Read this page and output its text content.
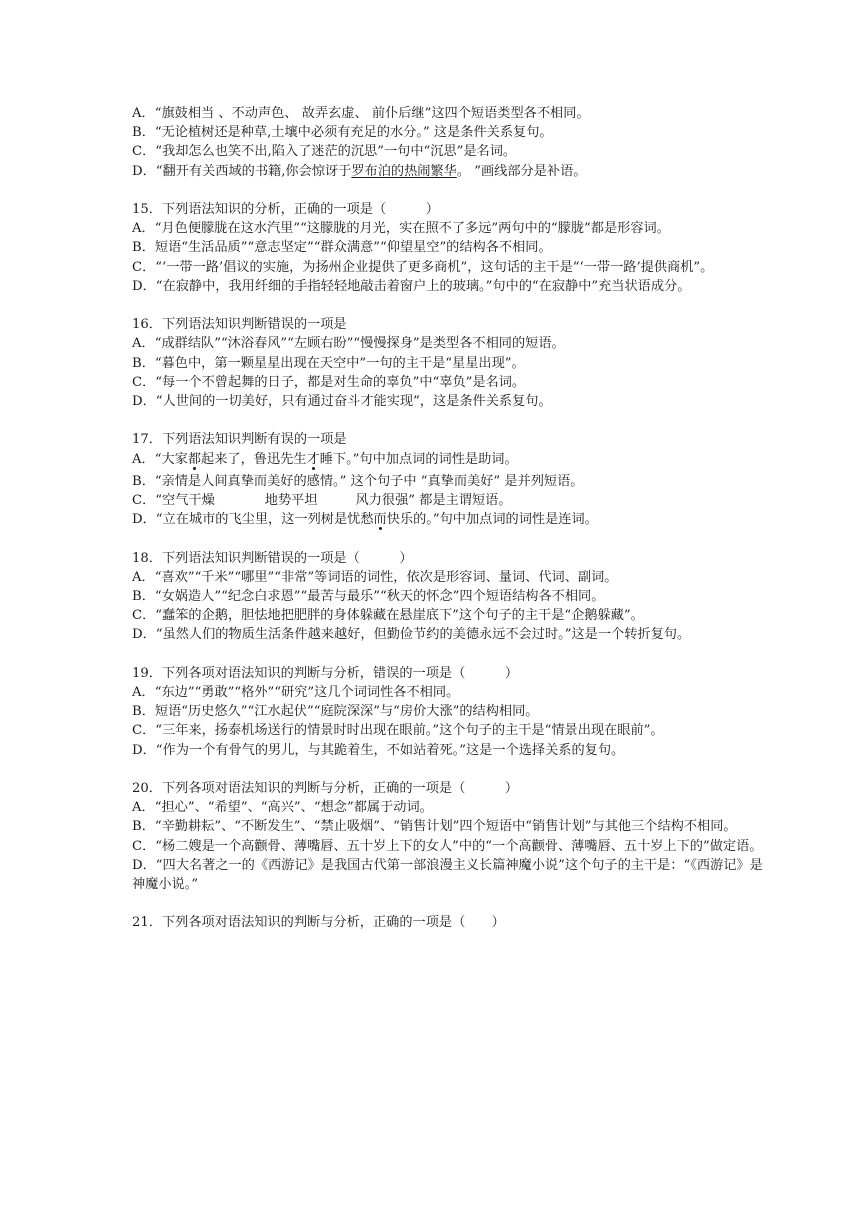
A．“旗鼓相当 、不动声色、 故弄玄虚、 前仆后继”这四个短语类型各不相同。
B．“无论植树还是种草,土壤中必须有充足的水分。” 这是条件关系复句。
C．“我却怎么也笑不出,陷入了迷茫的沉思”一句中“沉思”是名词。
D．“翻开有关西域的书籍,你会惊讶于罗布泊的热闹繁华。 ”画线部分是补语。
15．下列语法知识的分析，正确的一项是（　　　）
A．“月色便朦胧在这水汽里”“这朦胧的月光，实在照不了多远”两句中的“朦胧”都是形容词。
B．短语“生活品质”“意志坚定”“群众满意”“仰望星空”的结构各不相同。
C．“‘一带一路’倡议的实施，为扬州企业提供了更多商机”，这句话的主干是“‘一带一路’提供商机”。
D．“在寂静中，我用纤细的手指轻轻地敲击着窗户上的玻璃。”句中的“在寂静中”充当状语成分。
16．下列语法知识判断错误的一项是
A．“成群结队”“沐浴春风”“左顾右盼”“慢慢探身”是类型各不相同的短语。
B．“暮色中，第一颗星星出现在天空中”一句的主干是“星星出现”。
C．“每一个不曾起舞的日子，都是对生命的辜负”中“辜负”是名词。
D．“人世间的一切美好，只有通过奋斗才能实现”，这是条件关系复句。
17．下列语法知识判断有误的一项是
A．“大家都起来了，鲁迅先生才睡下。”句中加点词的词性是助词。
B．“亲情是人间真挚而美好的感情。” 这个句子中 “真挚而美好” 是并列短语。
C．“空气干燥	地势平坦	风力很强” 都是主谓短语。
D．“立在城市的飞尘里，这一列树是忧愁而快乐的。”句中加点词的词性是连词。
18．下列语法知识判断错误的一项是（　　　）
A．“喜欢”“千米”“哪里”“非常”等词语的词性，依次是形容词、量词、代词、副词。
B．“女娲造人”“纪念白求恩”“最苦与最乐”“秋天的怀念”四个短语结构各不相同。
C．“蠢笨的企鹅，胆怯地把肥胖的身体躲藏在悬崖底下”这个句子的主干是“企鹅躲藏”。
D．“虽然人们的物质生活条件越来越好，但勤俭节约的美德永远不会过时。”这是一个转折复句。
19．下列各项对语法知识的判断与分析，错误的一项是（　　　）
A．“东边”“勇敢”“格外”“研究”这几个词词性各不相同。
B．短语“历史悠久”“江水起伏”“庭院深深”与“房价大涨”的结构相同。
C．“三年来，扬泰机场送行的情景时时出现在眼前。”这个句子的主干是“情景出现在眼前”。
D．“作为一个有骨气的男儿，与其跪着生，不如站着死。”这是一个选择关系的复句。
20．下列各项对语法知识的判断与分析，正确的一项是（　　　）
A．“担心”、“希望”、“高兴”、“想念”都属于动词。
B．“辛勤耕耘”、“不断发生”、“禁止吸烟”、“销售计划”四个短语中“销售计划”与其他三个结构不相同。
C．“杨二嫂是一个高颧骨、薄嘴唇、五十岁上下的女人”中的“一个高颧骨、薄嘴唇、五十岁上下的”做定语。
D．“四大名著之一的《西游记》是我国古代第一部浪漫主义长篇神魔小说”这个句子的主干是：“《西游记》是神魔小说。”
21．下列各项对语法知识的判断与分析，正确的一项是（　　）
